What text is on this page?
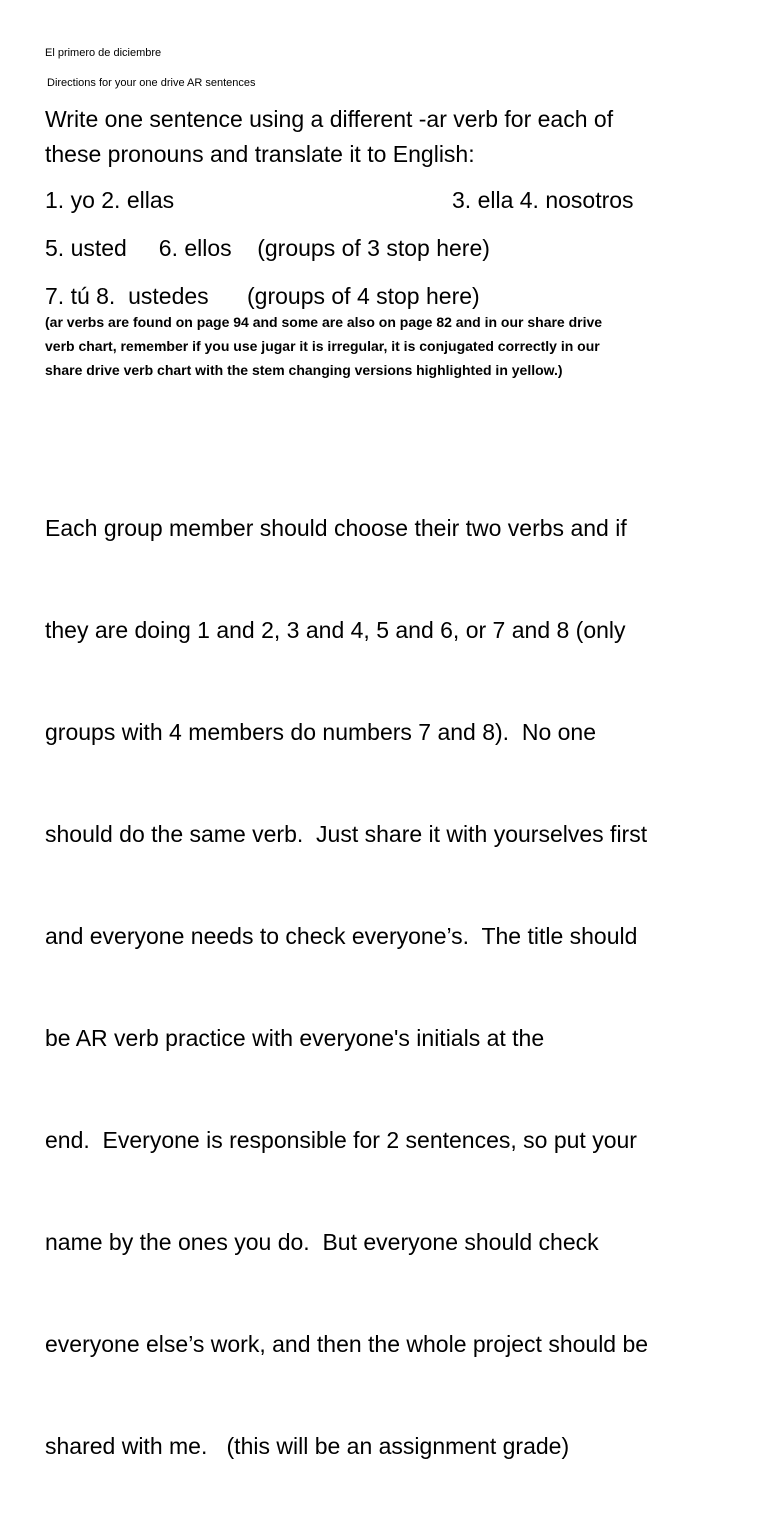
El primero de diciembre

Directions for your one drive AR sentences

Write one sentence using a different -ar verb for each of

these pronouns and translate it to English:

1. yo 2. ellas	3. ella 4. nosotros

5. usted     6. ellos    (groups of 3 stop here)

7. tú 8.  ustedes      (groups of 4 stop here)

(ar verbs are found on page 94 and some are also on page 82 and in our share drive
verb chart, remember if you use jugar it is irregular, it is conjugated correctly in our
share drive verb chart with the stem changing versions highlighted in yellow.)

Each group member should choose their two verbs and if

they are doing 1 and 2, 3 and 4, 5 and 6, or 7 and 8 (only

groups with 4 members do numbers 7 and 8).  No one

should do the same verb.  Just share it with yourselves first

and everyone needs to check everyone’s.  The title should

be AR verb practice with everyone's initials at the

end.  Everyone is responsible for 2 sentences, so put your

name by the ones you do.  But everyone should check

everyone else’s work, and then the whole project should be

shared with me.   (this will be an assignment grade)
